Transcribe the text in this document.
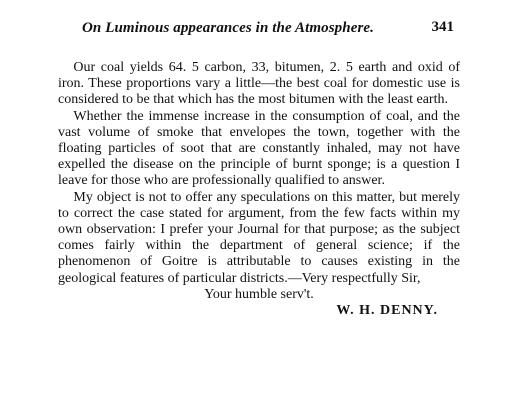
On Luminous appearances in the Atmosphere.	341

Our coal yields 64. 5 carbon, 33, bitumen, 2. 5 earth and oxid of iron. These proportions vary a little—the best coal for domestic use is considered to be that which has the most bitumen with the least earth.

Whether the immense increase in the consumption of coal, and the vast volume of smoke that envelopes the town, together with the floating particles of soot that are constantly inhaled, may not have expelled the disease on the principle of burnt sponge; is a question I leave for those who are professionally qualified to answer.

My object is not to offer any speculations on this matter, but merely to correct the case stated for argument, from the few facts within my own observation: I prefer your Journal for that purpose; as the subject comes fairly within the department of general science; if the phenomenon of Goitre is attributable to causes existing in the geological features of particular districts.—Very respectfully Sir,

Your humble serv't.

W. H. DENNY.
